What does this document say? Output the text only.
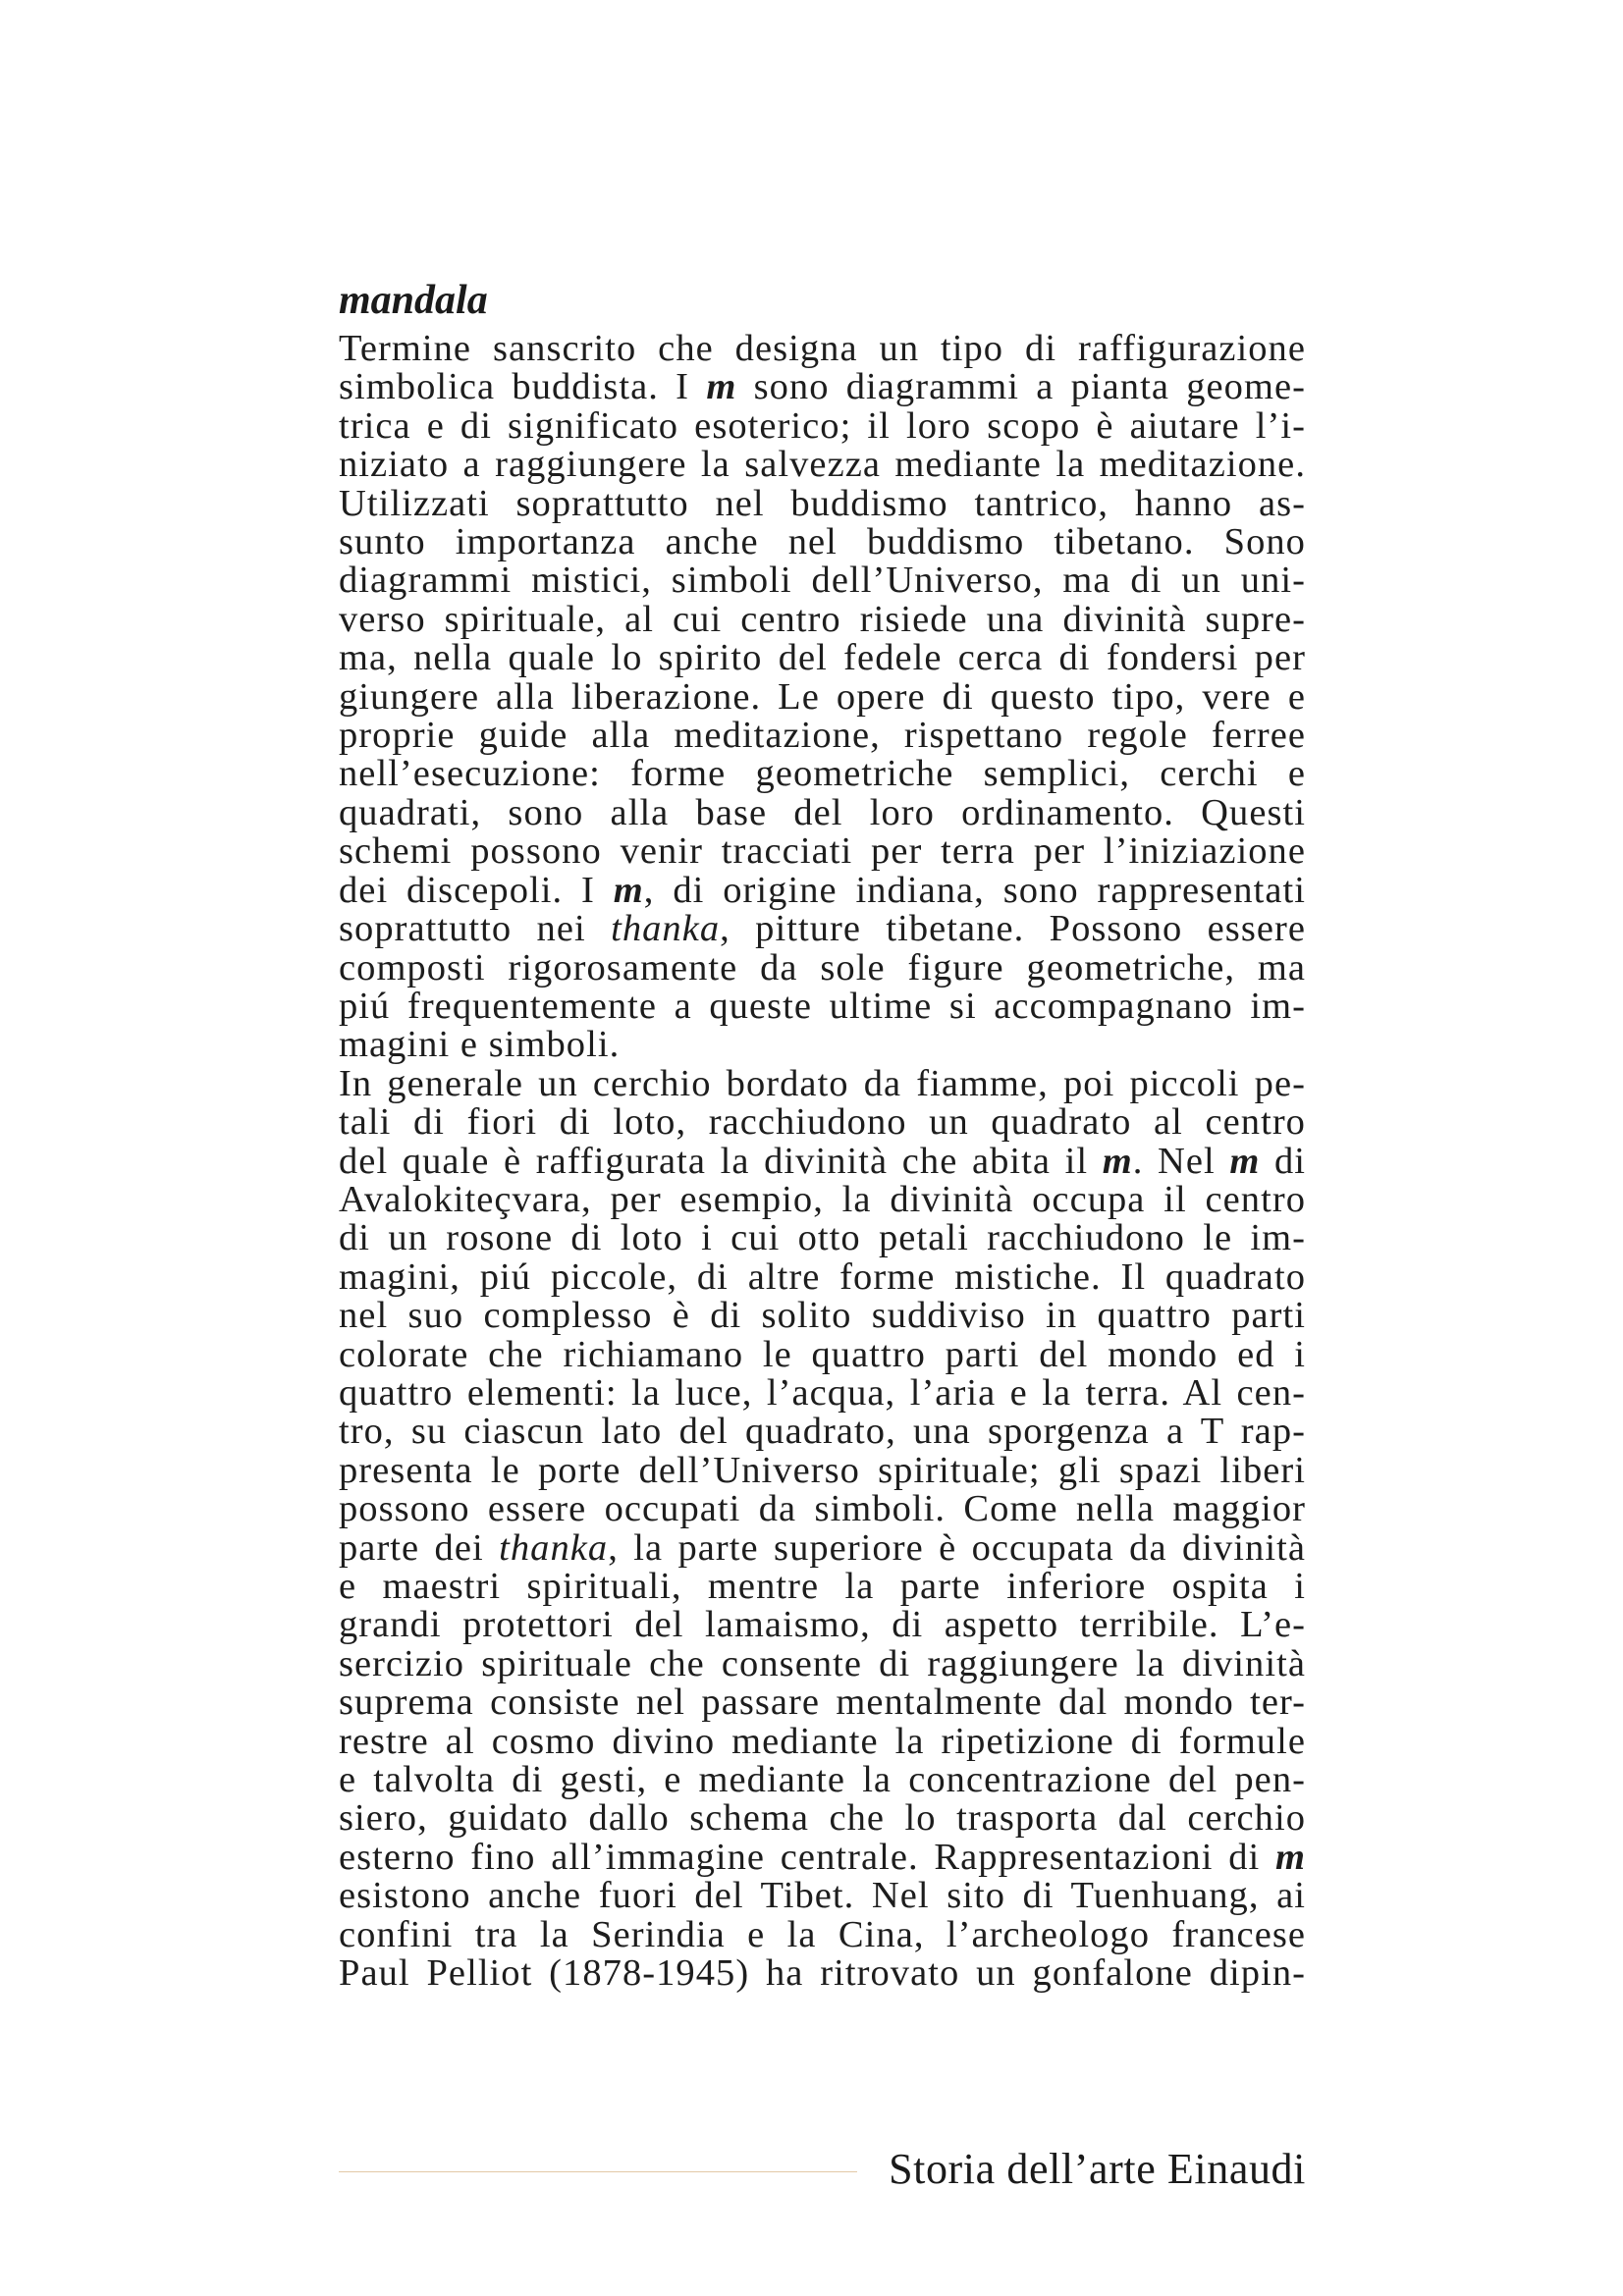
mandala
Termine sanscrito che designa un tipo di raffigurazione
simbolica buddista. I m sono diagrammi a pianta geome-
trica e di significato esoterico; il loro scopo è aiutare l’i-
niziato a raggiungere la salvezza mediante la meditazione.
Utilizzati soprattutto nel buddismo tantrico, hanno as-
sunto importanza anche nel buddismo tibetano. Sono
diagrammi mistici, simboli dell’Universo, ma di un uni-
verso spirituale, al cui centro risiede una divinità supre-
ma, nella quale lo spirito del fedele cerca di fondersi per
giungere alla liberazione. Le opere di questo tipo, vere e
proprie guide alla meditazione, rispettano regole ferree
nell’esecuzione: forme geometriche semplici, cerchi e
quadrati, sono alla base del loro ordinamento. Questi
schemi possono venir tracciati per terra per l’iniziazione
dei discepoli. I m, di origine indiana, sono rappresentati
soprattutto nei thanka, pitture tibetane. Possono essere
composti rigorosamente da sole figure geometriche, ma
piú frequentemente a queste ultime si accompagnano im-
magini e simboli.
In generale un cerchio bordato da fiamme, poi piccoli pe-
tali di fiori di loto, racchiudono un quadrato al centro
del quale è raffigurata la divinità che abita il m. Nel m di
Avalokiteçvara, per esempio, la divinità occupa il centro
di un rosone di loto i cui otto petali racchiudono le im-
magini, piú piccole, di altre forme mistiche. Il quadrato
nel suo complesso è di solito suddiviso in quattro parti
colorate che richiamano le quattro parti del mondo ed i
quattro elementi: la luce, l’acqua, l’aria e la terra. Al cen-
tro, su ciascun lato del quadrato, una sporgenza a T rap-
presenta le porte dell’Universo spirituale; gli spazi liberi
possono essere occupati da simboli. Come nella maggior
parte dei thanka, la parte superiore è occupata da divinità
e maestri spirituali, mentre la parte inferiore ospita i
grandi protettori del lamaismo, di aspetto terribile. L’e-
sercizio spirituale che consente di raggiungere la divinità
suprema consiste nel passare mentalmente dal mondo ter-
restre al cosmo divino mediante la ripetizione di formule
e talvolta di gesti, e mediante la concentrazione del pen-
siero, guidato dallo schema che lo trasporta dal cerchio
esterno fino all’immagine centrale. Rappresentazioni di m
esistono anche fuori del Tibet. Nel sito di Tuenhuang, ai
confini tra la Serindia e la Cina, l’archeologo francese
Paul Pelliot (1878-1945) ha ritrovato un gonfalone dipin-
Storia dell’arte Einaudi
